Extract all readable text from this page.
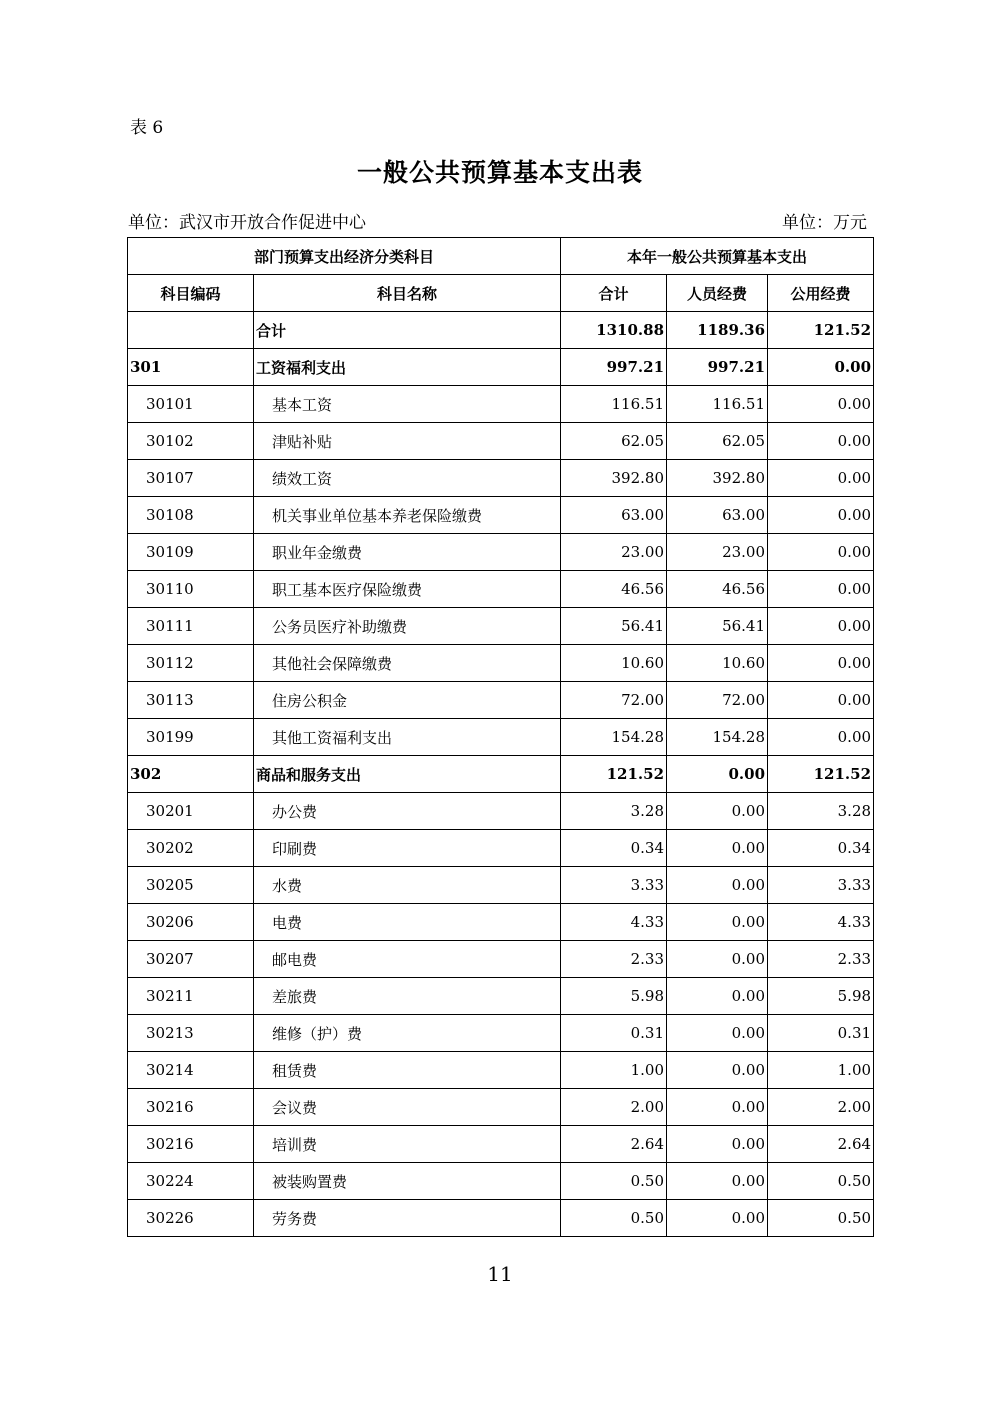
表 6
一般公共预算基本支出表
单位：武汉市开放合作促进中心	单位：万元
部门预算支出经济分类科目		本年一般公共预算基本支出		
科目编码	科目名称	合计	人员经费	公用经费
	合计	1310.88	1189.36	121.52
301	工资福利支出	997.21	997.21	0.00
30101	基本工资	116.51	116.51	0.00
30102	津贴补贴	62.05	62.05	0.00
30107	绩效工资	392.80	392.80	0.00
30108	机关事业单位基本养老保险缴费	63.00	63.00	0.00
30109	职业年金缴费	23.00	23.00	0.00
30110	职工基本医疗保险缴费	46.56	46.56	0.00
30111	公务员医疗补助缴费	56.41	56.41	0.00
30112	其他社会保障缴费	10.60	10.60	0.00
30113	住房公积金	72.00	72.00	0.00
30199	其他工资福利支出	154.28	154.28	0.00
302	商品和服务支出	121.52	0.00	121.52
30201	办公费	3.28	0.00	3.28
30202	印刷费	0.34	0.00	0.34
30205	水费	3.33	0.00	3.33
30206	电费	4.33	0.00	4.33
30207	邮电费	2.33	0.00	2.33
30211	差旅费	5.98	0.00	5.98
30213	维修（护）费	0.31	0.00	0.31
30214	租赁费	1.00	0.00	1.00
30216	会议费	2.00	0.00	2.00
30216	培训费	2.64	0.00	2.64
30224	被装购置费	0.50	0.00	0.50
30226	劳务费	0.50	0.00	0.50
11
